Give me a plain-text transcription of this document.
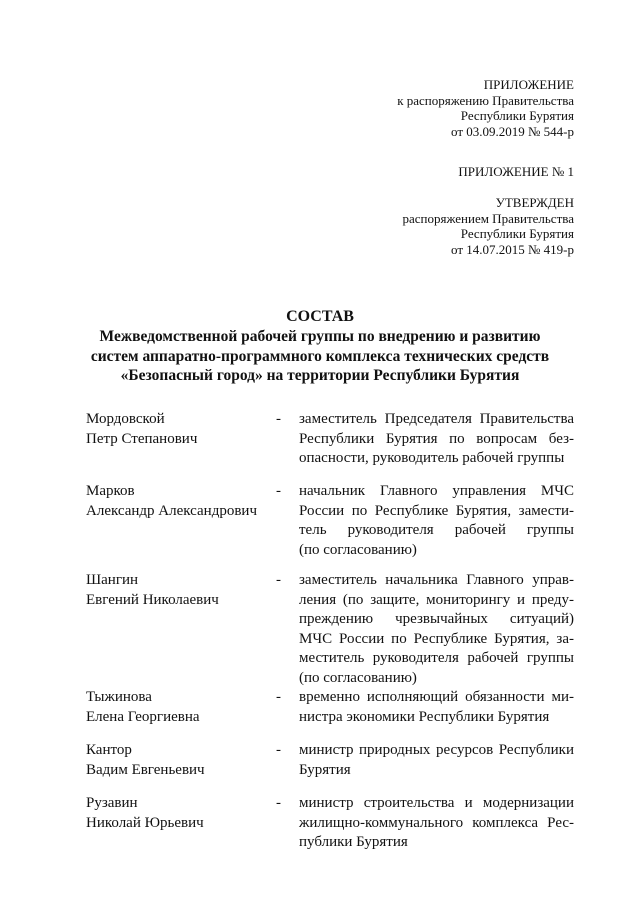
ПРИЛОЖЕНИЕ
к распоряжению Правительства
Республики Бурятия
от 03.09.2019 № 544-р
ПРИЛОЖЕНИЕ № 1
УТВЕРЖДЕН
распоряжением Правительства
Республики Бурятия
от 14.07.2015 № 419-р
СОСТАВ
Межведомственной рабочей группы по внедрению и развитию
систем аппаратно-программного комплекса технических средств
«Безопасный город» на территории Республики Бурятия
Мордовской
Петр Степанович
- заместитель Председателя Правительства
Республики Бурятия по вопросам без-
опасности, руководитель рабочей группы
Марков
Александр Александрович
- начальник Главного управления МЧС
России по Республике Бурятия, замести-
тель руководителя рабочей группы
(по согласованию)
Шангин
Евгений Николаевич
- заместитель начальника Главного управ-
ления (по защите, мониторингу и преду-
преждению чрезвычайных ситуаций)
МЧС России по Республике Бурятия, за-
меститель руководителя рабочей группы
(по согласованию)
Тыжинова
Елена Георгиевна
- временно исполняющий обязанности ми-
нистра экономики Республики Бурятия
Кантор
Вадим Евгеньевич
- министр природных ресурсов Республики
Бурятия
Рузавин
Николай Юрьевич
- министр строительства и модернизации
жилищно-коммунального комплекса Рес-
публики Бурятия
